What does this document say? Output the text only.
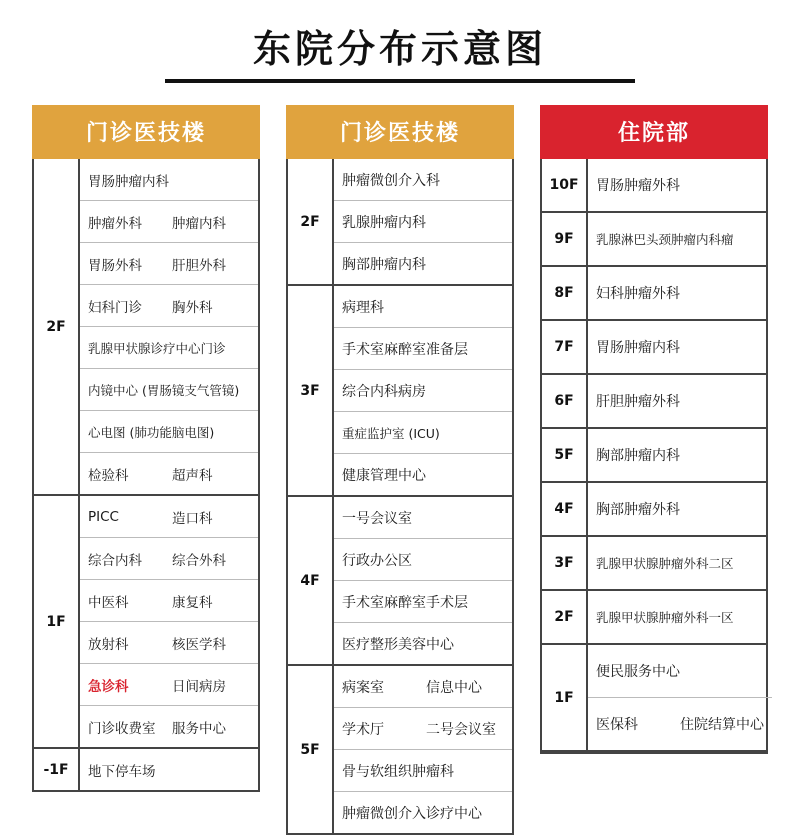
东院分布示意图
门诊医技楼
2F
胃肠肿瘤内科
肿瘤外科	肿瘤内科
胃肠外科	肝胆外科
妇科门诊	胸外科
乳腺甲状腺诊疗中心门诊
内镜中心 (胃肠镜支气管镜)
心电图 (肺功能脑电图)
检验科	超声科
1F
PICC	造口科
综合内科	综合外科
中医科	康复科
放射科	核医学科
急诊科	日间病房
门诊收费室	服务中心
-1F	地下停车场
门诊医技楼
2F
肿瘤微创介入科
乳腺肿瘤内科
胸部肿瘤内科
3F
病理科
手术室麻醉室准备层
综合内科病房
重症监护室 (ICU)
健康管理中心
4F
一号会议室
行政办公区
手术室麻醉室手术层
医疗整形美容中心
5F
病案室	信息中心
学术厅	二号会议室
骨与软组织肿瘤科
肿瘤微创介入诊疗中心
住院部
10F	胃肠肿瘤外科
9F	乳腺淋巴头颈肿瘤内科瘤
8F	妇科肿瘤外科
7F	胃肠肿瘤内科
6F	肝胆肿瘤外科
5F	胸部肿瘤内科
4F	胸部肿瘤外科
3F	乳腺甲状腺肿瘤外科二区
2F	乳腺甲状腺肿瘤外科一区
1F
便民服务中心
医保科	住院结算中心
